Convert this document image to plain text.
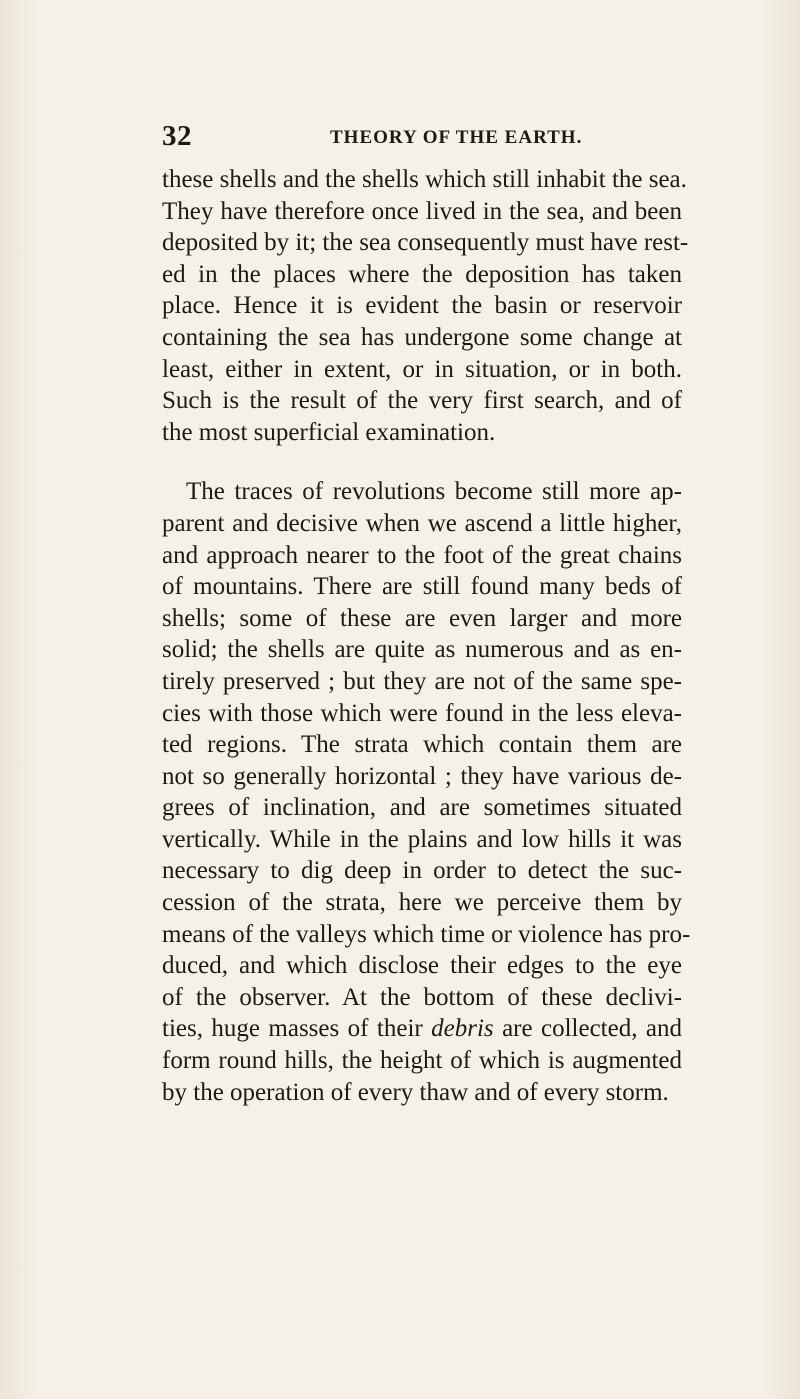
32	THEORY OF THE EARTH.
these shells and the shells which still inhabit the sea.
They have therefore once lived in the sea, and been
deposited by it; the sea consequently must have rest-
ed in the places where the deposition has taken
place. Hence it is evident the basin or reservoir
containing the sea has undergone some change at
least, either in extent, or in situation, or in both.
Such is the result of the very first search, and of
the most superficial examination.
The traces of revolutions become still more ap-
parent and decisive when we ascend a little higher,
and approach nearer to the foot of the great chains
of mountains. There are still found many beds of
shells; some of these are even larger and more
solid; the shells are quite as numerous and as en-
tirely preserved ; but they are not of the same spe-
cies with those which were found in the less eleva-
ted regions. The strata which contain them are
not so generally horizontal ; they have various de-
grees of inclination, and are sometimes situated
vertically. While in the plains and low hills it was
necessary to dig deep in order to detect the suc-
cession of the strata, here we perceive them by
means of the valleys which time or violence has pro-
duced, and which disclose their edges to the eye
of the observer. At the bottom of these declivi-
ties, huge masses of their debris are collected, and
form round hills, the height of which is augmented
by the operation of every thaw and of every storm.
